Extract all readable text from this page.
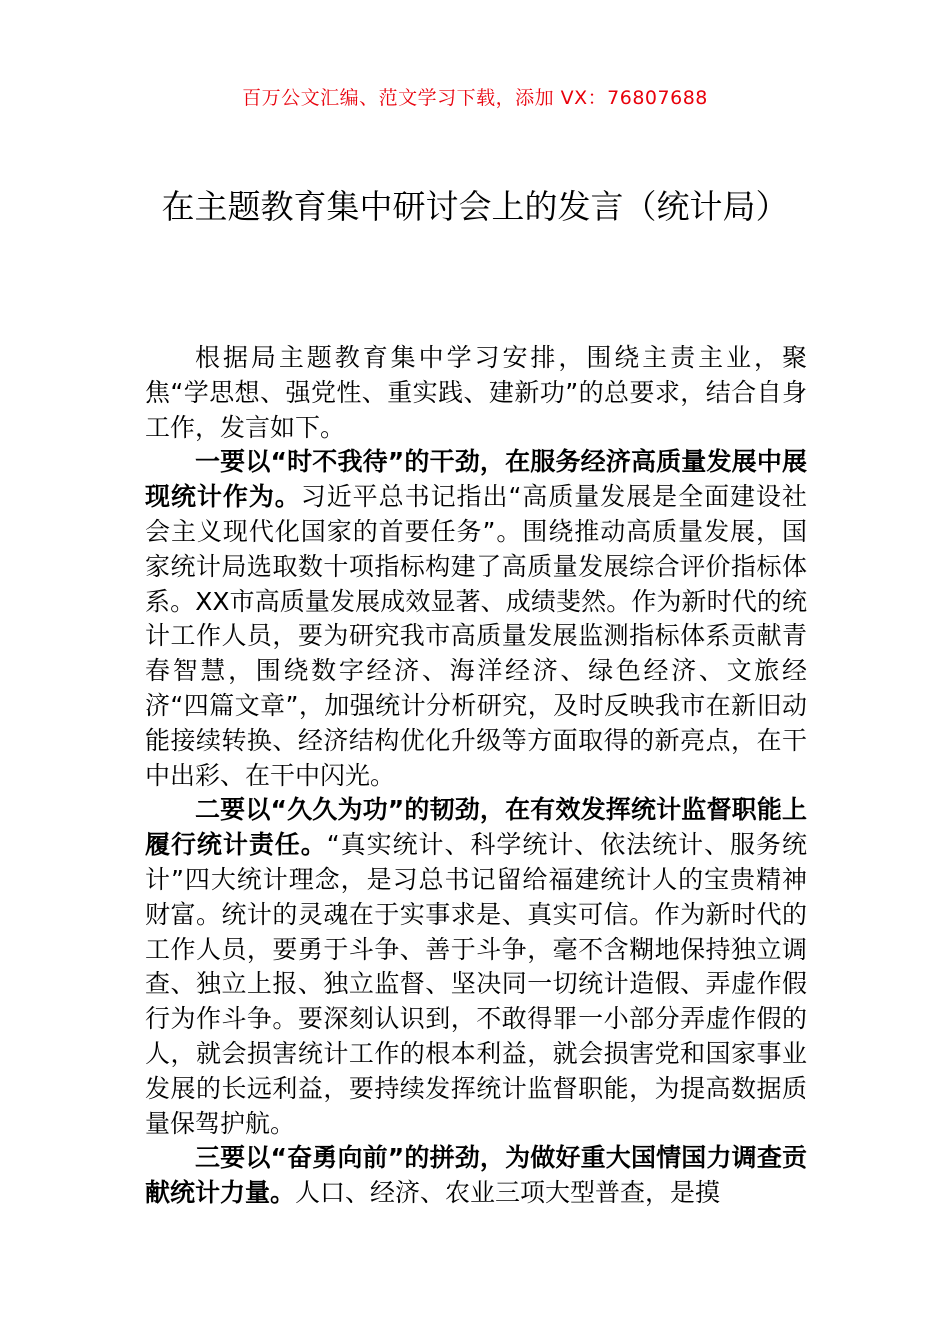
百万公文汇编、范文学习下载，添加 VX：76807688
在主题教育集中研讨会上的发言（统计局）

根据局主题教育集中学习安排，围绕主责主业，聚焦“学思想、强党性、重实践、建新功”的总要求，结合自身工作，发言如下。

一要以“时不我待”的干劲，在服务经济高质量发展中展现统计作为。习近平总书记指出“高质量发展是全面建设社会主义现代化国家的首要任务”。围绕推动高质量发展，国家统计局选取数十项指标构建了高质量发展综合评价指标体系。XX市高质量发展成效显著、成绩斐然。作为新时代的统计工作人员，要为研究我市高质量发展监测指标体系贡献青春智慧，围绕数字经济、海洋经济、绿色经济、文旅经济“四篇文章”，加强统计分析研究，及时反映我市在新旧动能接续转换、经济结构优化升级等方面取得的新亮点，在干中出彩、在干中闪光。

二要以“久久为功”的韧劲，在有效发挥统计监督职能上履行统计责任。“真实统计、科学统计、依法统计、服务统计”四大统计理念，是习总书记留给福建统计人的宝贵精神财富。统计的灵魂在于实事求是、真实可信。作为新时代的工作人员，要勇于斗争、善于斗争，毫不含糊地保持独立调查、独立上报、独立监督、坚决同一切统计造假、弄虚作假行为作斗争。要深刻认识到，不敢得罪一小部分弄虚作假的人，就会损害统计工作的根本利益，就会损害党和国家事业发展的长远利益，要持续发挥统计监督职能，为提高数据质量保驾护航。

三要以“奋勇向前”的拼劲，为做好重大国情国力调查贡献统计力量。人口、经济、农业三项大型普查，是摸
